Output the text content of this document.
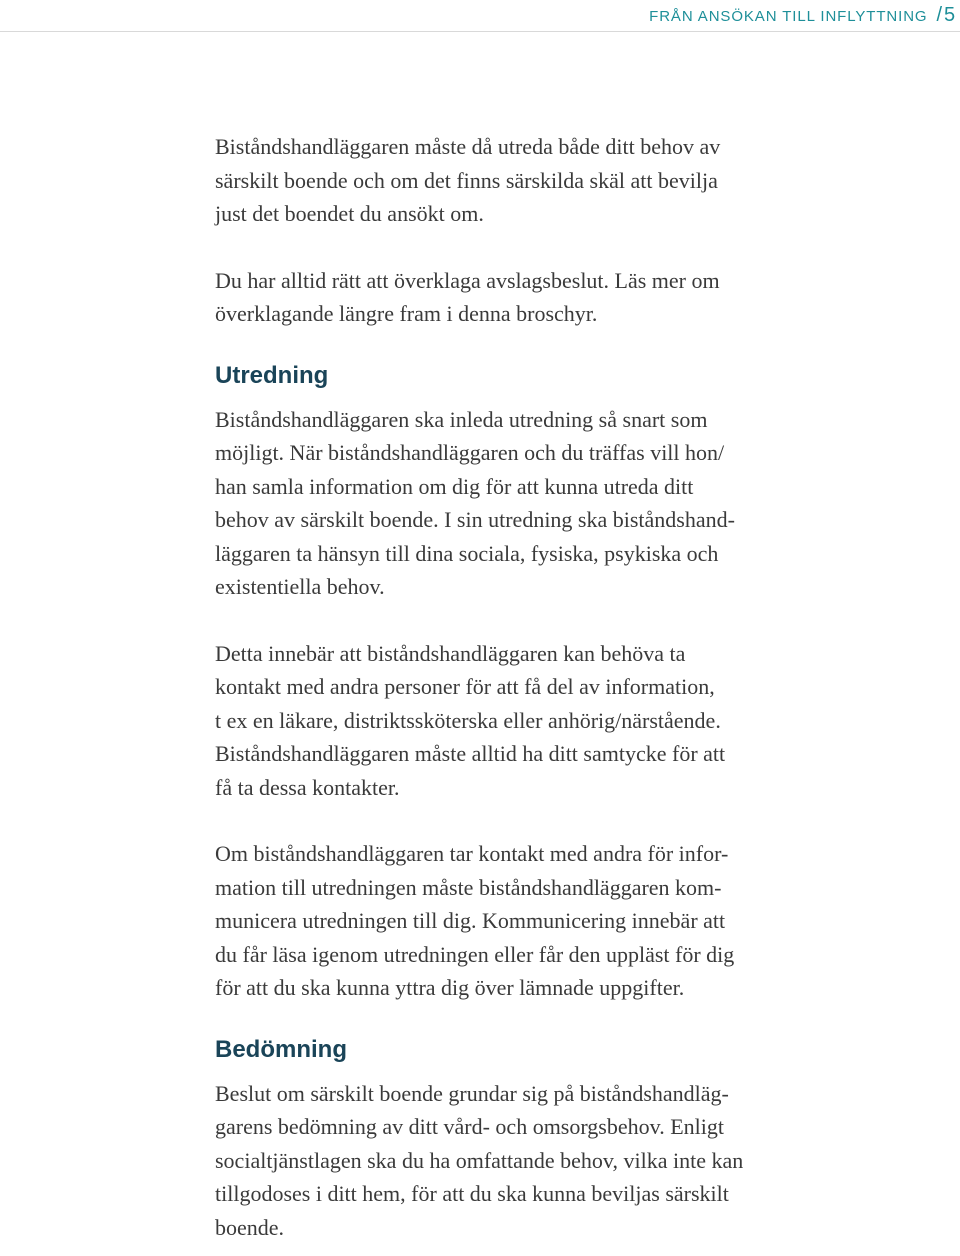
FRÅN ANSÖKAN TILL INFLYTTNING / 5

Biståndshandläggaren måste då utreda både ditt behov av
särskilt boende och om det finns särskilda skäl att bevilja
just det boendet du ansökt om.

Du har alltid rätt att överklaga avslagsbeslut. Läs mer om
överklagande längre fram i denna broschyr.

Utredning

Biståndshandläggaren ska inleda utredning så snart som
möjligt. När biståndshandläggaren och du träffas vill hon/
han samla information om dig för att kunna utreda ditt
behov av särskilt boende. I sin utredning ska biståndshand-
läggaren ta hänsyn till dina sociala, fysiska, psykiska och
existentiella behov.

Detta innebär att biståndshandläggaren kan behöva ta
kontakt med andra personer för att få del av information,
t ex en läkare, distriktssköterska eller anhörig/närstående.
Biståndshandläggaren måste alltid ha ditt samtycke för att
få ta dessa kontakter.

Om biståndshandläggaren tar kontakt med andra för infor-
mation till utredningen måste biståndshandläggaren kom-
municera utredningen till dig. Kommunicering innebär att
du får läsa igenom utredningen eller får den uppläst för dig
för att du ska kunna yttra dig över lämnade uppgifter.

Bedömning

Beslut om särskilt boende grundar sig på biståndshandläg-
garens bedömning av ditt vård- och omsorgsbehov. Enligt
socialtjänstlagen ska du ha omfattande behov, vilka inte kan
tillgodoses i ditt hem, för att du ska kunna beviljas särskilt
boende.
